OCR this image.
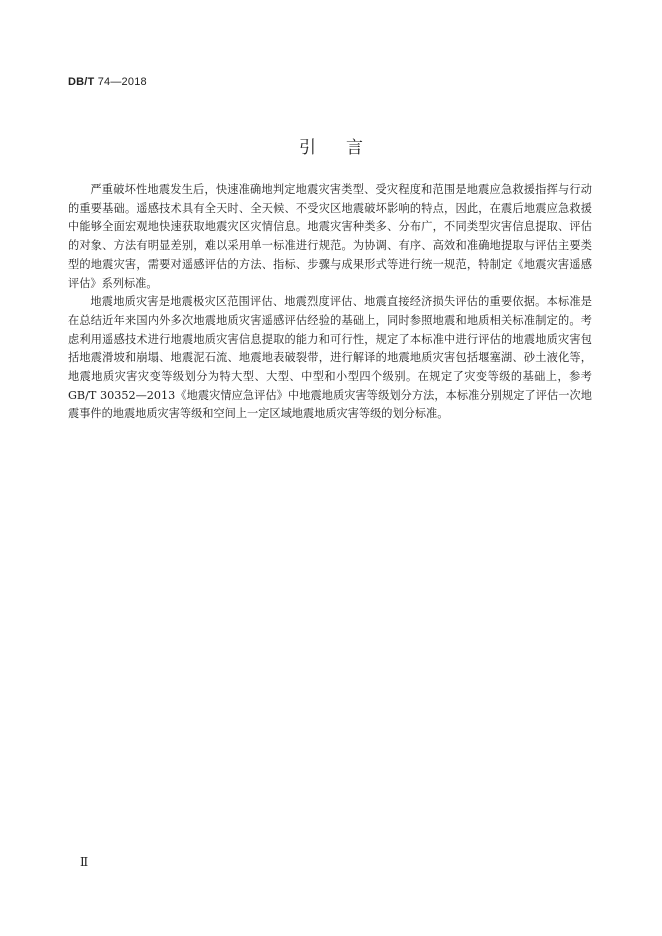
DB/T 74—2018
引 言

严重破坏性地震发生后，快速准确地判定地震灾害类型、受灾程度和范围是地震应急救援指挥与行动的重要基础。遥感技术具有全天时、全天候、不受灾区地震破坏影响的特点，因此，在震后地震应急救援中能够全面宏观地快速获取地震灾区灾情信息。地震灾害种类多、分布广，不同类型灾害信息提取、评估的对象、方法有明显差别，难以采用单一标准进行规范。为协调、有序、高效和准确地提取与评估主要类型的地震灾害，需要对遥感评估的方法、指标、步骤与成果形式等进行统一规范，特制定《地震灾害遥感评估》系列标准。

地震地质灾害是地震极灾区范围评估、地震烈度评估、地震直接经济损失评估的重要依据。本标准是在总结近年来国内外多次地震地质灾害遥感评估经验的基础上，同时参照地震和地质相关标准制定的。考虑利用遥感技术进行地震地质灾害信息提取的能力和可行性，规定了本标准中进行评估的地震地质灾害包括地震滑坡和崩塌、地震泥石流、地震地表破裂带，进行解译的地震地质灾害包括堰塞湖、砂土液化等，地震地质灾害灾变等级划分为特大型、大型、中型和小型四个级别。在规定了灾变等级的基础上，参考GB/T 30352—2013《地震灾情应急评估》中地震地质灾害等级划分方法，本标准分别规定了评估一次地震事件的地震地质灾害等级和空间上一定区域地震地质灾害等级的划分标准。

Ⅱ
